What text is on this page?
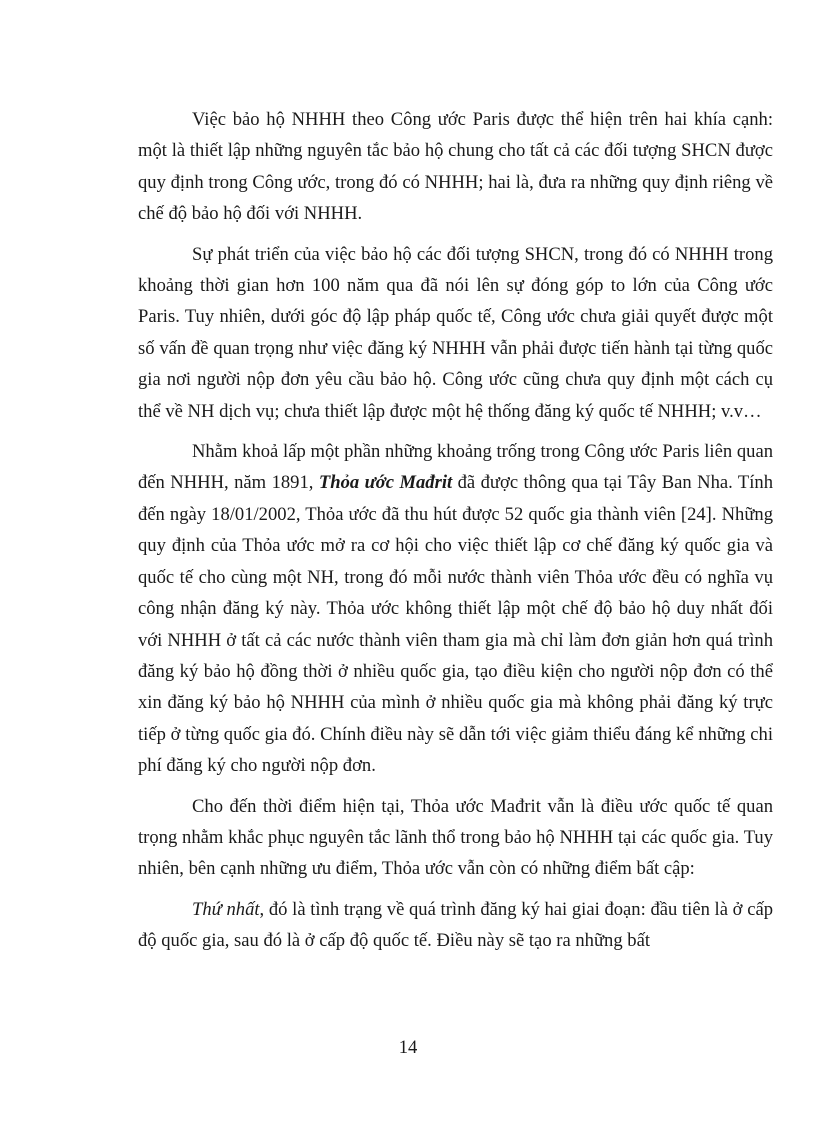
Việc bảo hộ NHHH theo Công ước Paris được thể hiện trên hai khía cạnh: một là thiết lập những nguyên tắc bảo hộ chung cho tất cả các đối tượng SHCN được quy định trong Công ước, trong đó có NHHH; hai là, đưa ra những quy định riêng về chế độ bảo hộ đối với NHHH.

Sự phát triển của việc bảo hộ các đối tượng SHCN, trong đó có NHHH trong khoảng thời gian hơn 100 năm qua đã nói lên sự đóng góp to lớn của Công ước Paris. Tuy nhiên, dưới góc độ lập pháp quốc tế, Công ước chưa giải quyết được một số vấn đề quan trọng như việc đăng ký NHHH vẫn phải được tiến hành tại từng quốc gia nơi người nộp đơn yêu cầu bảo hộ. Công ước cũng chưa quy định một cách cụ thể về NH dịch vụ; chưa thiết lập được một hệ thống đăng ký quốc tế NHHH; v.v…

Nhằm khoả lấp một phần những khoảng trống trong Công ước Paris liên quan đến NHHH, năm 1891, Thỏa ước Mađrit đã được thông qua tại Tây Ban Nha. Tính đến ngày 18/01/2002, Thỏa ước đã thu hút được 52 quốc gia thành viên [24]. Những quy định của Thỏa ước mở ra cơ hội cho việc thiết lập cơ chế đăng ký quốc gia và quốc tế cho cùng một NH, trong đó mỗi nước thành viên Thỏa ước đều có nghĩa vụ công nhận đăng ký này. Thỏa ước không thiết lập một chế độ bảo hộ duy nhất đối với NHHH ở tất cả các nước thành viên tham gia mà chỉ làm đơn giản hơn quá trình đăng ký bảo hộ đồng thời ở nhiều quốc gia, tạo điều kiện cho người nộp đơn có thể xin đăng ký bảo hộ NHHH của mình ở nhiều quốc gia mà không phải đăng ký trực tiếp ở từng quốc gia đó. Chính điều này sẽ dẫn tới việc giảm thiểu đáng kể những chi phí đăng ký cho người nộp đơn.

Cho đến thời điểm hiện tại, Thỏa ước Mađrit vẫn là điều ước quốc tế quan trọng nhằm khắc phục nguyên tắc lãnh thổ trong bảo hộ NHHH tại các quốc gia. Tuy nhiên, bên cạnh những ưu điểm, Thỏa ước vẫn còn có những điểm bất cập:

Thứ nhất, đó là tình trạng về quá trình đăng ký hai giai đoạn: đầu tiên là ở cấp độ quốc gia, sau đó là ở cấp độ quốc tế. Điều này sẽ tạo ra những bất

14
